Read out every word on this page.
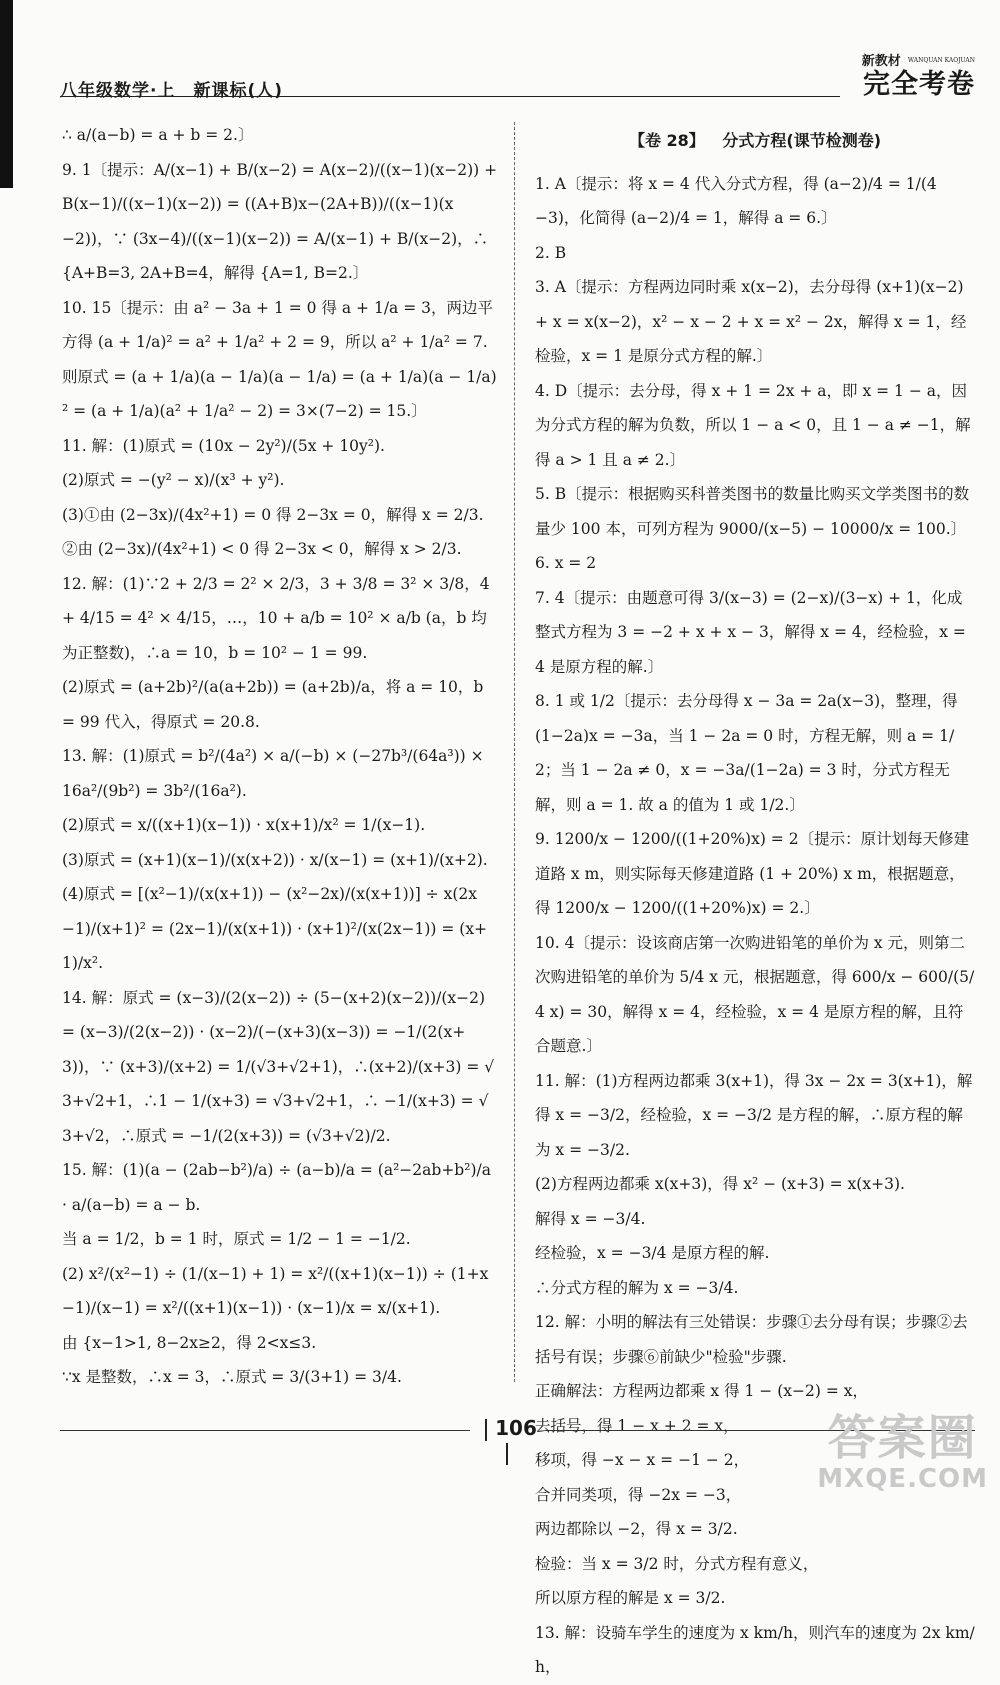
八年级数学·上　新课标(人)
新教材 WANQUAN KAOJUAN
完全考卷
∴ a/(a−b) = a + b = 2.〕
9. 1〔提示：A/(x−1) + B/(x−2) = A(x−2)/((x−1)(x−2)) + B(x−1)/((x−1)(x−2)) = ((A+B)x−(2A+B))/((x−1)(x−2))，∵ (3x−4)/((x−1)(x−2)) = A/(x−1) + B/(x−2)，∴ {A+B=3, 2A+B=4，解得 {A=1, B=2.〕
10. 15〔提示：由 a² − 3a + 1 = 0 得 a + 1/a = 3，两边平方得 (a + 1/a)² = a² + 1/a² + 2 = 9，所以 a² + 1/a² = 7. 则原式 = (a + 1/a)(a − 1/a)(a − 1/a) = (a + 1/a)(a − 1/a)² = (a + 1/a)(a² + 1/a² − 2) = 3×(7−2) = 15.〕
11. 解：(1)原式 = (10x − 2y²)/(5x + 10y²).
(2)原式 = −(y² − x)/(x³ + y²).
(3)①由 (2−3x)/(4x²+1) = 0 得 2−3x = 0，解得 x = 2/3.
②由 (2−3x)/(4x²+1) < 0 得 2−3x < 0，解得 x > 2/3.
12. 解：(1)∵2 + 2/3 = 2² × 2/3，3 + 3/8 = 3² × 3/8，4 + 4/15 = 4² × 4/15，…，10 + a/b = 10² × a/b (a，b 均为正整数)，∴a = 10，b = 10² − 1 = 99.
(2)原式 = (a+2b)²/(a(a+2b)) = (a+2b)/a，将 a = 10，b = 99 代入，得原式 = 20.8.
13. 解：(1)原式 = b²/(4a²) × a/(−b) × (−27b³/(64a³)) × 16a²/(9b²) = 3b²/(16a²).
(2)原式 = x/((x+1)(x−1)) · x(x+1)/x² = 1/(x−1).
(3)原式 = (x+1)(x−1)/(x(x+2)) · x/(x−1) = (x+1)/(x+2).
(4)原式 = [(x²−1)/(x(x+1)) − (x²−2x)/(x(x+1))] ÷ x(2x−1)/(x+1)² = (2x−1)/(x(x+1)) · (x+1)²/(x(2x−1)) = (x+1)/x².
14. 解：原式 = (x−3)/(2(x−2)) ÷ (5−(x+2)(x−2))/(x−2) = (x−3)/(2(x−2)) · (x−2)/(−(x+3)(x−3)) = −1/(2(x+3))，∵ (x+3)/(x+2) = 1/(√3+√2+1)，∴(x+2)/(x+3) = √3+√2+1，∴1 − 1/(x+3) = √3+√2+1，∴ −1/(x+3) = √3+√2，∴原式 = −1/(2(x+3)) = (√3+√2)/2.
15. 解：(1)(a − (2ab−b²)/a) ÷ (a−b)/a = (a²−2ab+b²)/a · a/(a−b) = a − b.
当 a = 1/2，b = 1 时，原式 = 1/2 − 1 = −1/2.
(2) x²/(x²−1) ÷ (1/(x−1) + 1) = x²/((x+1)(x−1)) ÷ (1+x−1)/(x−1) = x²/((x+1)(x−1)) · (x−1)/x = x/(x+1).
由 {x−1>1, 8−2x≥2，得 2<x≤3.
∵x 是整数，∴x = 3，∴原式 = 3/(3+1) = 3/4.
【卷 28】 分式方程(课节检测卷)
1. A〔提示：将 x = 4 代入分式方程，得 (a−2)/4 = 1/(4−3)，化简得 (a−2)/4 = 1，解得 a = 6.〕
2. B
3. A〔提示：方程两边同时乘 x(x−2)，去分母得 (x+1)(x−2) + x = x(x−2)，x² − x − 2 + x = x² − 2x，解得 x = 1，经检验，x = 1 是原分式方程的解.〕
4. D〔提示：去分母，得 x + 1 = 2x + a，即 x = 1 − a，因为分式方程的解为负数，所以 1 − a < 0，且 1 − a ≠ −1，解得 a > 1 且 a ≠ 2.〕
5. B〔提示：根据购买科普类图书的数量比购买文学类图书的数量少 100 本，可列方程为 9000/(x−5) − 10000/x = 100.〕
6. x = 2
7. 4〔提示：由题意可得 3/(x−3) = (2−x)/(3−x) + 1，化成整式方程为 3 = −2 + x + x − 3，解得 x = 4，经检验，x = 4 是原方程的解.〕
8. 1 或 1/2〔提示：去分母得 x − 3a = 2a(x−3)，整理，得 (1−2a)x = −3a，当 1 − 2a = 0 时，方程无解，则 a = 1/2；当 1 − 2a ≠ 0，x = −3a/(1−2a) = 3 时，分式方程无解，则 a = 1. 故 a 的值为 1 或 1/2.〕
9. 1200/x − 1200/((1+20%)x) = 2〔提示：原计划每天修建道路 x m，则实际每天修建道路 (1 + 20%) x m，根据题意，得 1200/x − 1200/((1+20%)x) = 2.〕
10. 4〔提示：设该商店第一次购进铅笔的单价为 x 元，则第二次购进铅笔的单价为 5/4 x 元，根据题意，得 600/x − 600/(5/4 x) = 30，解得 x = 4，经检验，x = 4 是原方程的解，且符合题意.〕
11. 解：(1)方程两边都乘 3(x+1)，得 3x − 2x = 3(x+1)，解得 x = −3/2，经检验，x = −3/2 是方程的解，∴原方程的解为 x = −3/2.
(2)方程两边都乘 x(x+3)，得 x² − (x+3) = x(x+3).
解得 x = −3/4.
经检验，x = −3/4 是原方程的解.
∴分式方程的解为 x = −3/4.
12. 解：小明的解法有三处错误：步骤①去分母有误；步骤②去括号有误；步骤⑥前缺少"检验"步骤.
正确解法：方程两边都乘 x 得 1 − (x−2) = x，
去括号，得 1 − x + 2 = x，
移项，得 −x − x = −1 − 2，
合并同类项，得 −2x = −3，
两边都除以 −2，得 x = 3/2.
检验：当 x = 3/2 时，分式方程有意义，
所以原方程的解是 x = 3/2.
13. 解：设骑车学生的速度为 x km/h，则汽车的速度为 2x km/h，
106	答案圈
MXQE.COM
